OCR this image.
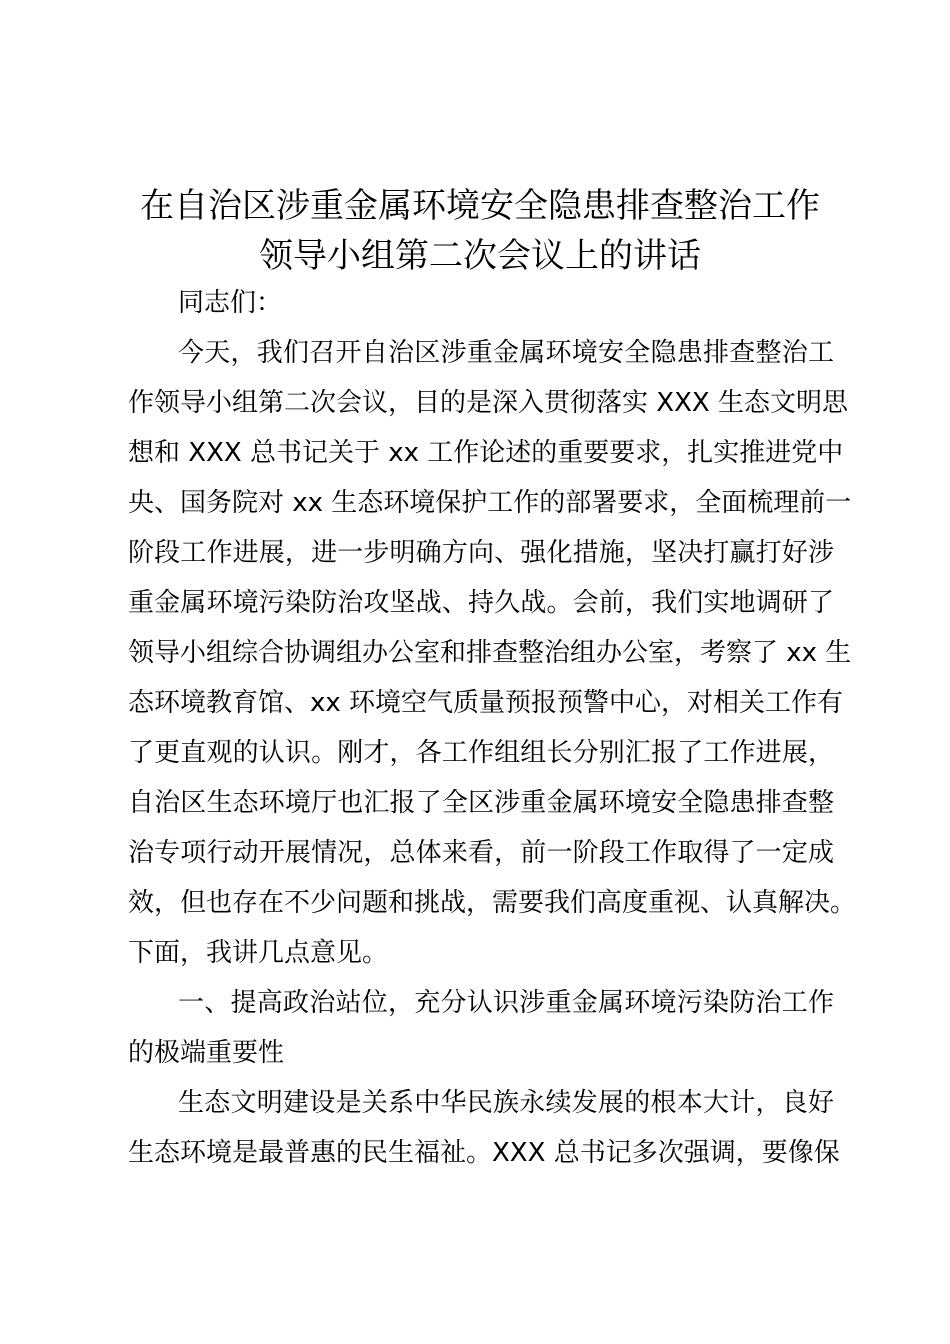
在自治区涉重金属环境安全隐患排查整治工作
领导小组第二次会议上的讲话
同志们：
今天，我们召开自治区涉重金属环境安全隐患排查整治工
作领导小组第二次会议，目的是深入贯彻落实 XXX 生态文明思
想和 XXX 总书记关于 xx 工作论述的重要要求，扎实推进党中
央、国务院对 xx 生态环境保护工作的部署要求，全面梳理前一
阶段工作进展，进一步明确方向、强化措施，坚决打赢打好涉
重金属环境污染防治攻坚战、持久战。会前，我们实地调研了
领导小组综合协调组办公室和排查整治组办公室，考察了 xx 生
态环境教育馆、xx 环境空气质量预报预警中心，对相关工作有
了更直观的认识。刚才，各工作组组长分别汇报了工作进展，
自治区生态环境厅也汇报了全区涉重金属环境安全隐患排查整
治专项行动开展情况，总体来看，前一阶段工作取得了一定成
效，但也存在不少问题和挑战，需要我们高度重视、认真解决。
下面，我讲几点意见。
一、提高政治站位，充分认识涉重金属环境污染防治工作
的极端重要性
生态文明建设是关系中华民族永续发展的根本大计，良好
生态环境是最普惠的民生福祉。XXX 总书记多次强调，要像保
